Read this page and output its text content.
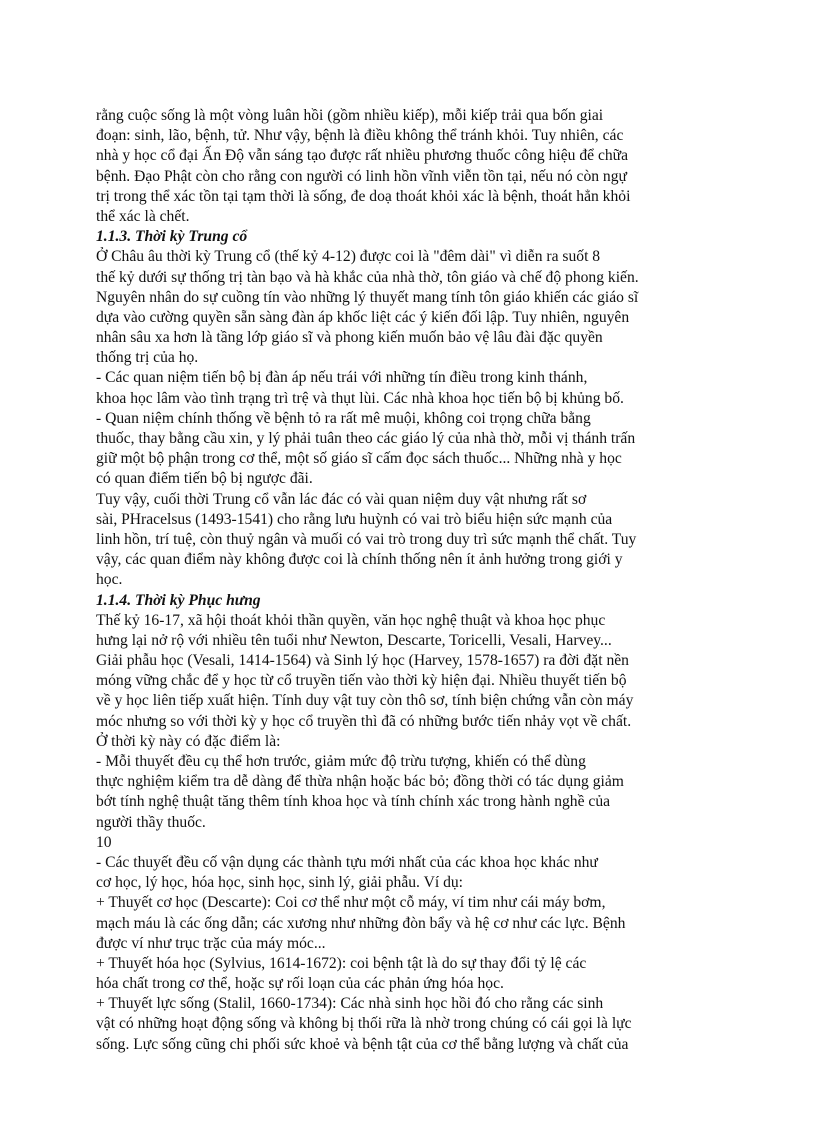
rằng cuộc sống là một vòng luân hồi (gồm nhiều kiếp), mỗi kiếp trải qua bốn giai
đoạn: sinh, lão, bệnh, tử. Như vậy, bệnh là điều không thể tránh khỏi. Tuy nhiên, các
nhà y học cổ đại Ấn Độ vẫn sáng tạo được rất nhiều phương thuốc công hiệu để chữa
bệnh. Đạo Phật còn cho rằng con người có linh hồn vĩnh viễn tồn tại, nếu nó còn ngự
trị trong thể xác tồn tại tạm thời là sống, đe doạ thoát khỏi xác là bệnh, thoát hẳn khỏi
thể xác là chết.
1.1.3. Thời kỳ Trung cổ
Ở Châu âu thời kỳ Trung cổ (thế kỷ 4-12) được coi là "đêm dài" vì diễn ra suốt 8
thế kỷ dưới sự thống trị tàn bạo và hà khắc của nhà thờ, tôn giáo và chế độ phong kiến.
Nguyên nhân do sự cuồng tín vào những lý thuyết mang tính tôn giáo khiến các giáo sĩ
dựa vào cường quyền sẵn sàng đàn áp khốc liệt các ý kiến đối lập. Tuy nhiên, nguyên
nhân sâu xa hơn là tầng lớp giáo sĩ và phong kiến muốn bảo vệ lâu đài đặc quyền
thống trị của họ.
- Các quan niệm tiến bộ bị đàn áp nếu trái với những tín điều trong kinh thánh,
khoa học lâm vào tình trạng trì trệ và thụt lùi. Các nhà khoa học tiến bộ bị khủng bố.
- Quan niệm chính thống về bệnh tỏ ra rất mê muội, không coi trọng chữa bằng
thuốc, thay bằng cầu xin, y lý phải tuân theo các giáo lý của nhà thờ, mỗi vị thánh trấn
giữ một bộ phận trong cơ thể, một số giáo sĩ cấm đọc sách thuốc... Những nhà y học
có quan điểm tiến bộ bị ngược đãi.
Tuy vậy, cuối thời Trung cổ vẫn lác đác có vài quan niệm duy vật nhưng rất sơ
sài, PHracelsus (1493-1541) cho rằng lưu huỳnh có vai trò biểu hiện sức mạnh của
linh hồn, trí tuệ, còn thuỷ ngân và muối có vai trò trong duy trì sức mạnh thể chất. Tuy
vậy, các quan điểm này không được coi là chính thống nên ít ảnh hưởng trong giới y
học.
1.1.4. Thời kỳ Phục hưng
Thế kỷ 16-17, xã hội thoát khỏi thần quyền, văn học nghệ thuật và khoa học phục
hưng lại nở rộ với nhiều tên tuổi như Newton, Descarte, Toricelli, Vesali, Harvey...
Giải phẫu học (Vesali, 1414-1564) và Sinh lý học (Harvey, 1578-1657) ra đời đặt nền
móng vững chắc để y học từ cổ truyền tiến vào thời kỳ hiện đại. Nhiều thuyết tiến bộ
về y học liên tiếp xuất hiện. Tính duy vật tuy còn thô sơ, tính biện chứng vẫn còn máy
móc nhưng so với thời kỳ y học cổ truyền thì đã có những bước tiến nhảy vọt về chất.
Ở thời kỳ này có đặc điểm là:
- Mỗi thuyết đều cụ thể hơn trước, giảm mức độ trừu tượng, khiến có thể dùng
thực nghiệm kiểm tra dễ dàng để thừa nhận hoặc bác bỏ; đồng thời có tác dụng giảm
bớt tính nghệ thuật tăng thêm tính khoa học và tính chính xác trong hành nghề của
người thầy thuốc.
10
- Các thuyết đều cố vận dụng các thành tựu mới nhất của các khoa học khác như
cơ học, lý học, hóa học, sinh học, sinh lý, giải phẫu. Ví dụ:
+ Thuyết cơ học (Descarte): Coi cơ thể như một cỗ máy, ví tim như cái máy bơm,
mạch máu là các ống dẫn; các xương như những đòn bẩy và hệ cơ như các lực. Bệnh
được ví như trục trặc của máy móc...
+ Thuyết hóa học (Sylvius, 1614-1672): coi bệnh tật là do sự thay đổi tỷ lệ các
hóa chất trong cơ thể, hoặc sự rối loạn của các phản ứng hóa học.
+ Thuyết lực sống (Stalil, 1660-1734): Các nhà sinh học hồi đó cho rằng các sinh
vật có những hoạt động sống và không bị thối rữa là nhờ trong chúng có cái gọi là lực
sống. Lực sống cũng chi phối sức khoẻ và bệnh tật của cơ thể bằng lượng và chất của
